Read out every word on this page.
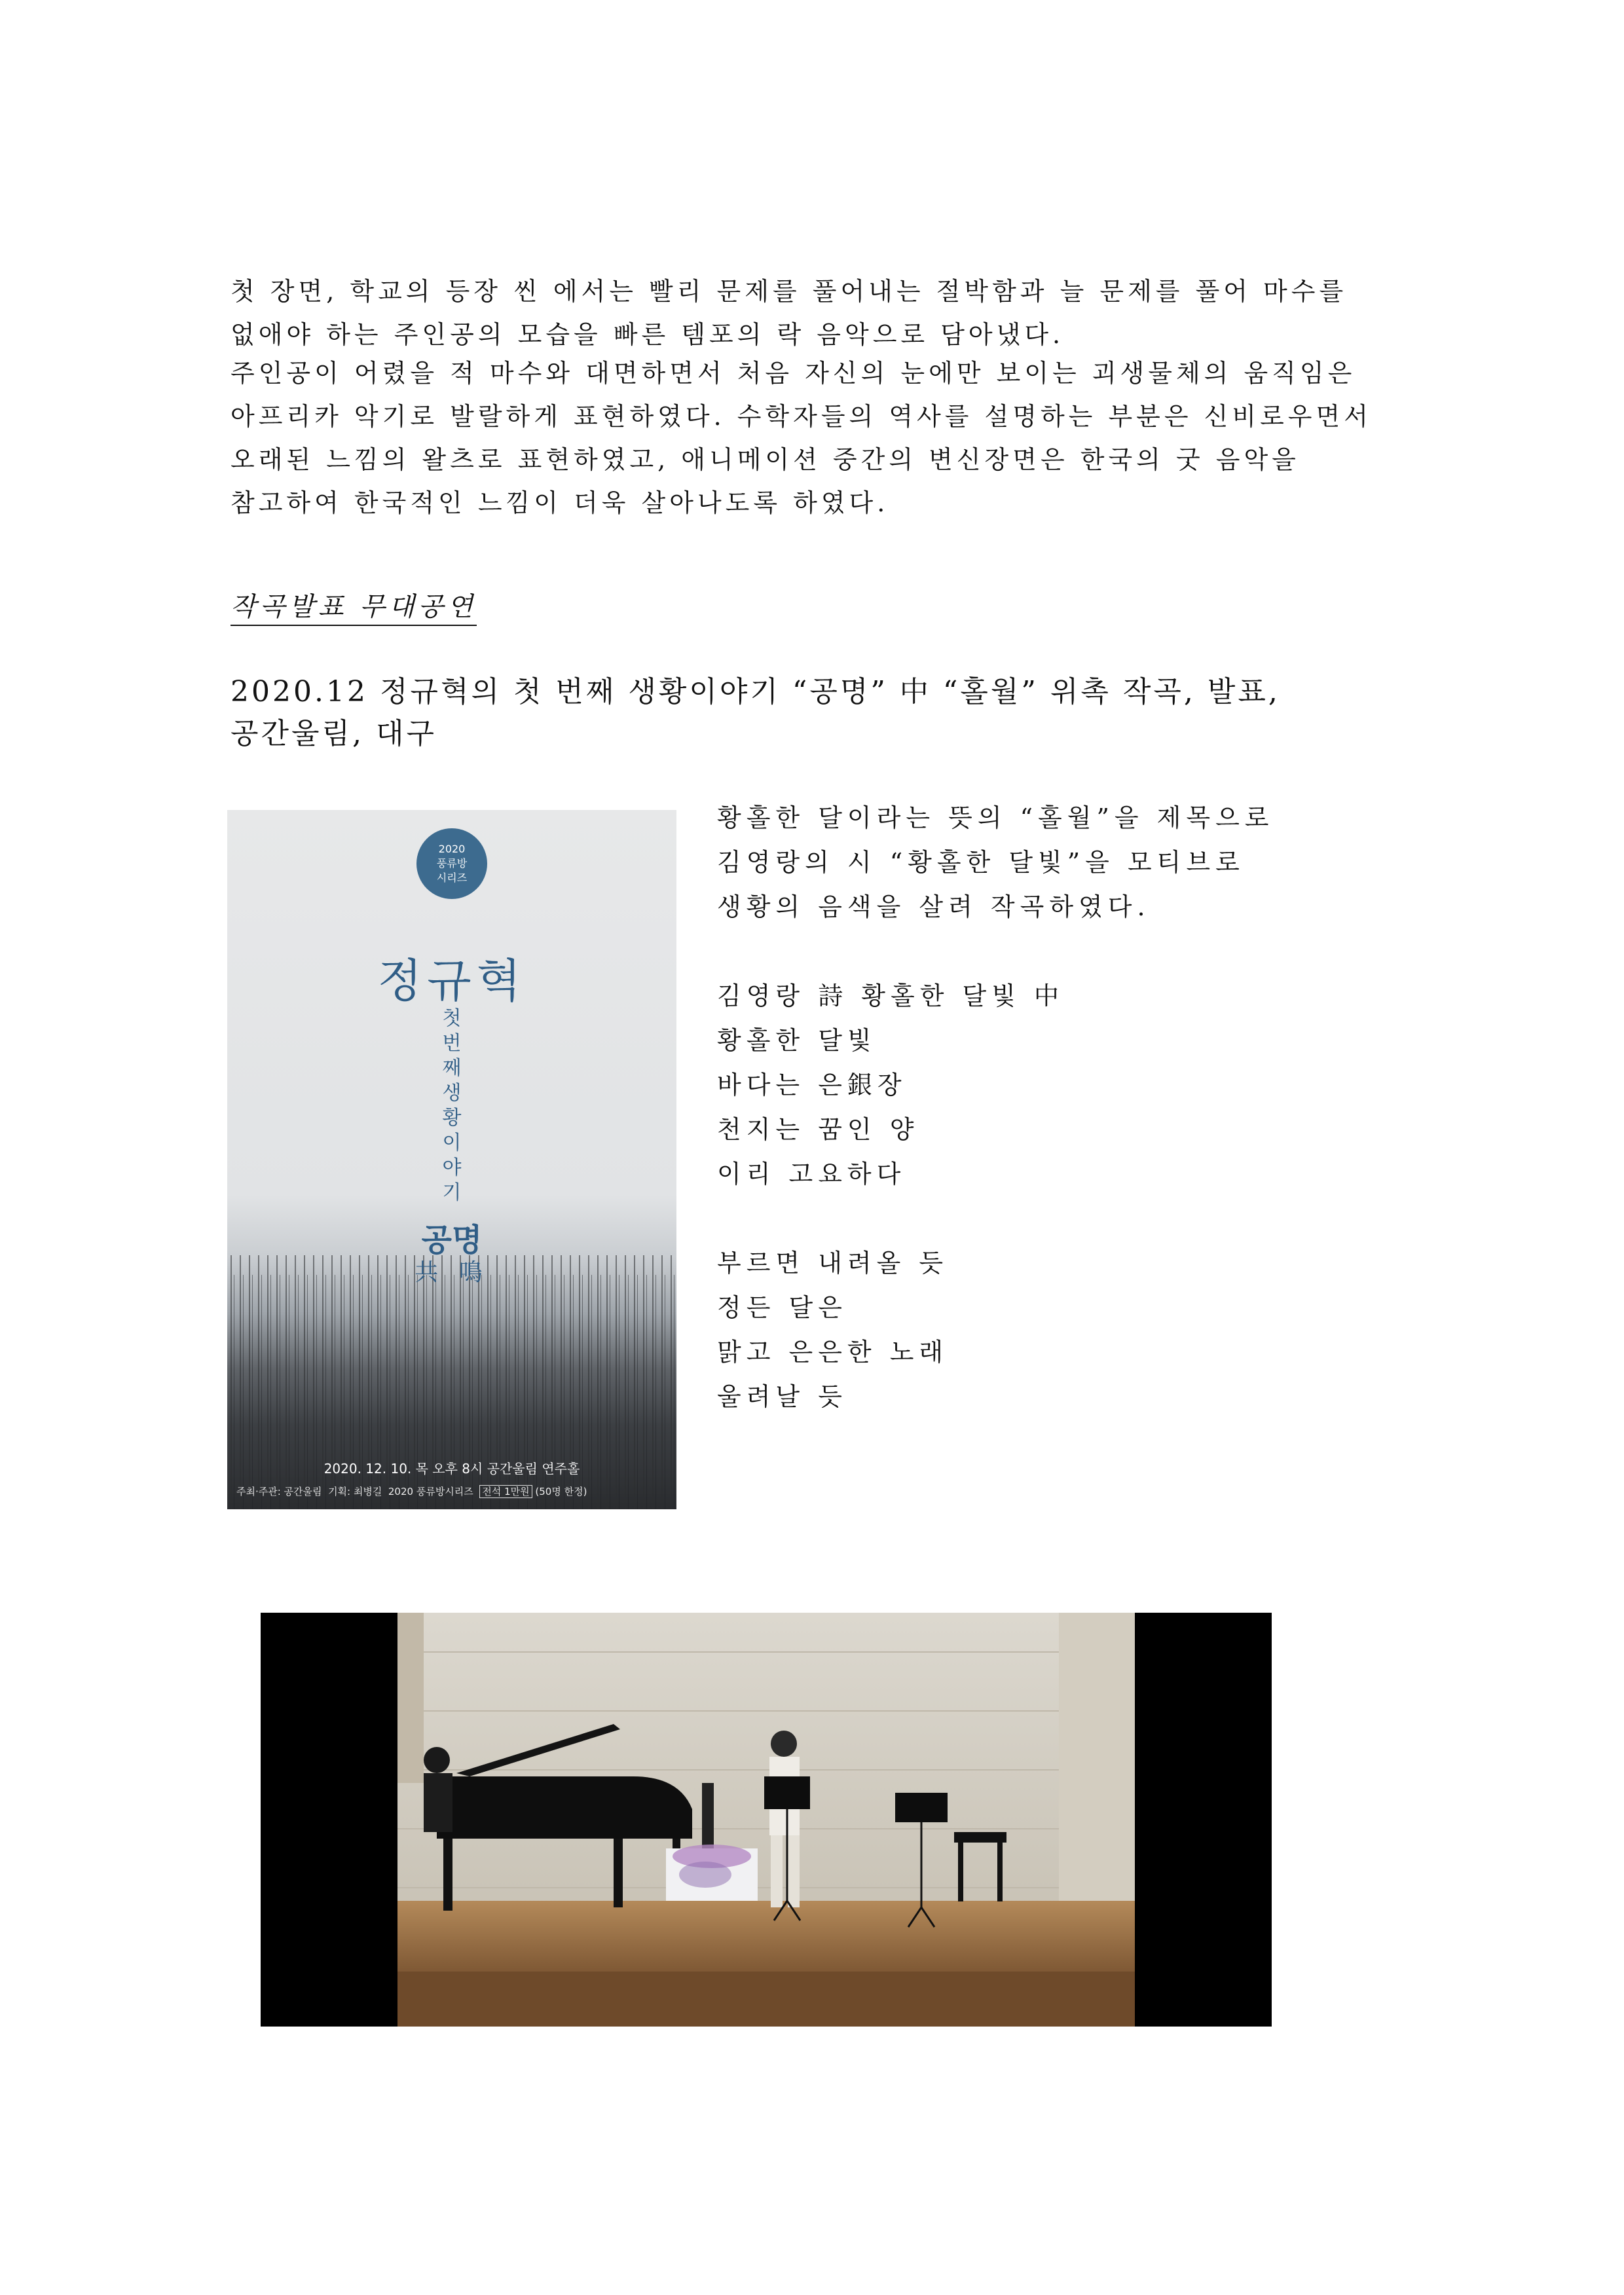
첫 장면, 학교의 등장 씬 에서는 빨리 문제를 풀어내는 절박함과 늘 문제를 풀어 마수를

없애야 하는 주인공의 모습을 빠른 템포의 락 음악으로 담아냈다.

주인공이 어렸을 적 마수와 대면하면서 처음 자신의 눈에만 보이는 괴생물체의 움직임은

아프리카 악기로 발랄하게 표현하였다. 수학자들의 역사를 설명하는 부분은 신비로우면서

오래된 느낌의 왈츠로 표현하였고, 애니메이션 중간의 변신장면은 한국의 굿 음악을

참고하여 한국적인 느낌이 더욱 살아나도록 하였다.

작곡발표 무대공연

2020.12 정규혁의 첫 번째 생황이야기 “공명” 中 “홀월” 위촉 작곡, 발표,

공간울림, 대구

2020
풍류방
시리즈
정규혁
첫
번
째
생
황
이
야
기
공명
共 鳴
2020. 12. 10. 목 오후 8시 공간울림 연주홀
주최·주관: 공간울림 기획: 최병길 2020 풍류방시리즈 전석 1만원 (50명 한정)

황홀한 달이라는 뜻의 “홀월”을 제목으로

김영랑의 시 “황홀한 달빛”을 모티브로

생황의 음색을 살려 작곡하였다.

김영랑 詩 황홀한 달빛 中

황홀한 달빛

바다는 은銀장

천지는 꿈인 양

이리 고요하다

부르면 내려올 듯

정든 달은

맑고 은은한 노래

울려날 듯
